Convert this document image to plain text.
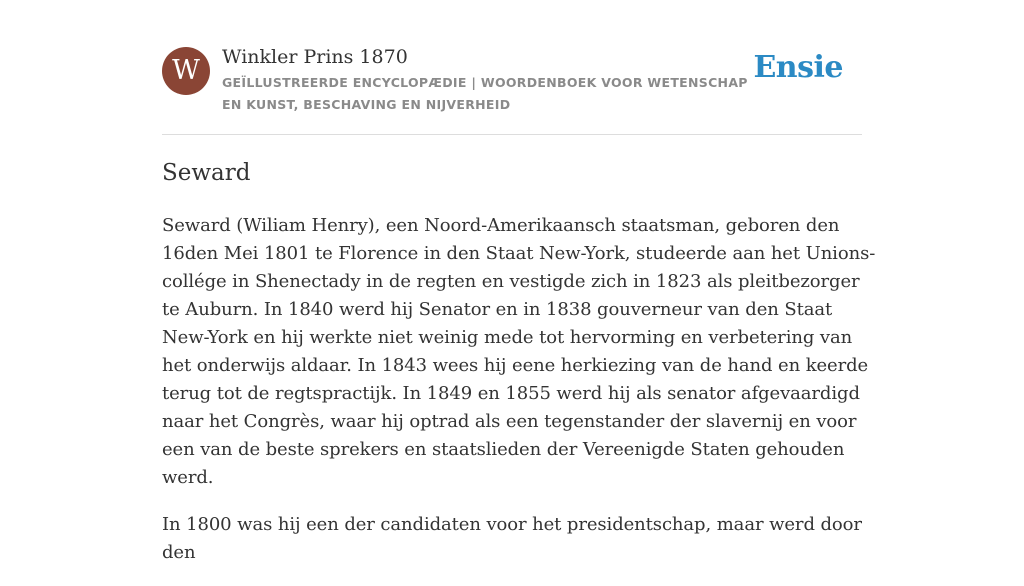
W	Winkler Prins 1870
GEÏLLUSTREERDE ENCYCLOPÆDIE | WOORDENBOEK VOOR WETENSCHAP EN KUNST, BESCHAVING EN NIJVERHEID
Ensie
Seward

Seward (Wiliam Henry), een Noord-Amerikaansch staatsman, geboren den 16den Mei 1801 te Florence in den Staat New-York, studeerde aan het Unions-collége in Shenectady in de regten en vestigde zich in 1823 als pleitbezorger te Auburn. In 1840 werd hij Senator en in 1838 gouverneur van den Staat New-York en hij werkte niet weinig mede tot hervorming en verbetering van het onderwijs aldaar. In 1843 wees hij eene herkiezing van de hand en keerde terug tot de regtspractijk. In 1849 en 1855 werd hij als senator afgevaardigd naar het Congrès, waar hij optrad als een tegenstander der slavernij en voor een van de beste sprekers en staatslieden der Vereenigde Staten gehouden werd.

In 1800 was hij een der candidaten voor het presidentschap, maar werd door den
